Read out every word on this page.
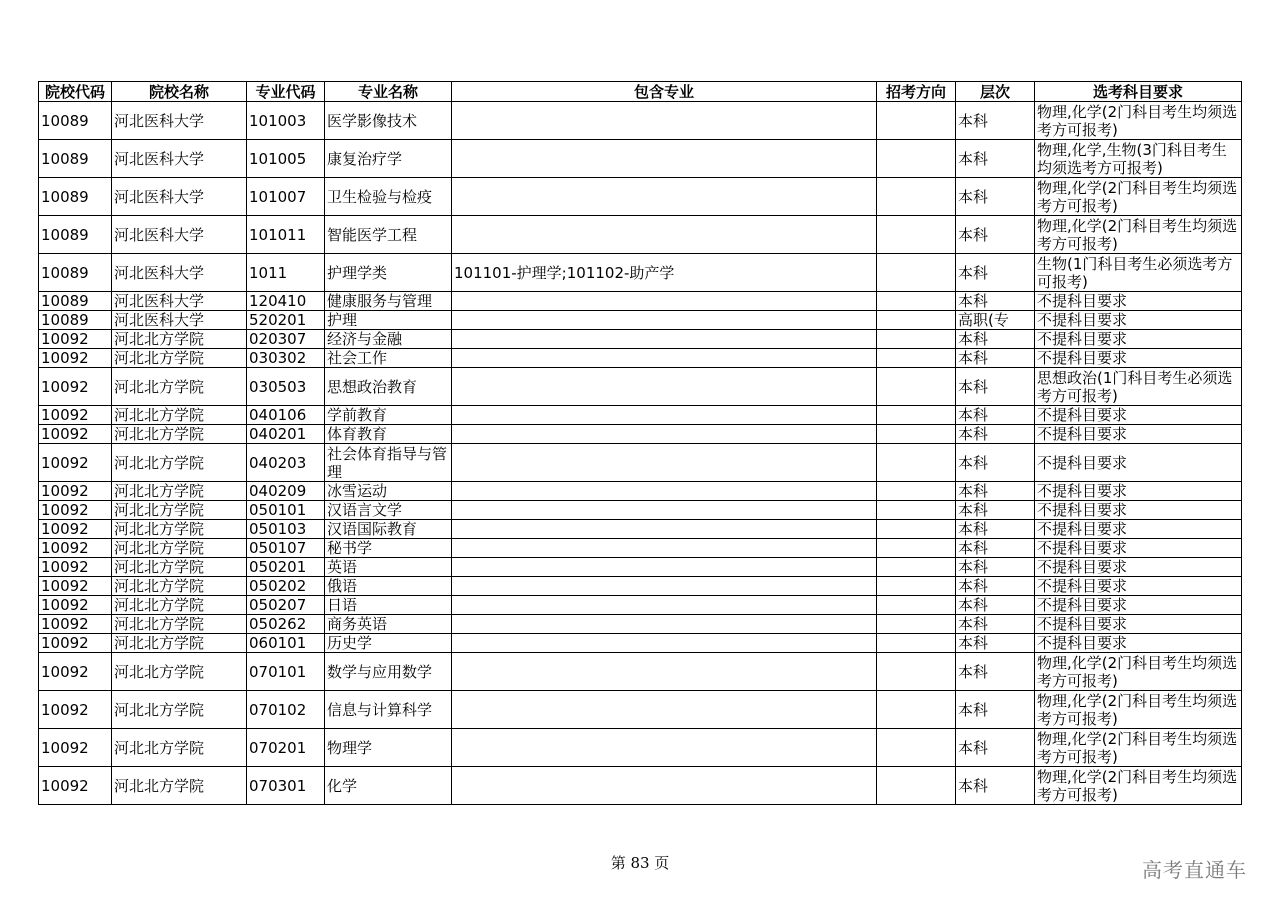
院校代码	院校名称	专业代码	专业名称	包含专业	招考方向	层次	选考科目要求
10089	河北医科大学	101003	医学影像技术			本科	物理,化学(2门科目考生均须选考方可报考)
10089	河北医科大学	101005	康复治疗学			本科	物理,化学,生物(3门科目考生均须选考方可报考)
10089	河北医科大学	101007	卫生检验与检疫			本科	物理,化学(2门科目考生均须选考方可报考)
10089	河北医科大学	101011	智能医学工程			本科	物理,化学(2门科目考生均须选考方可报考)
10089	河北医科大学	1011	护理学类	101101-护理学;101102-助产学		本科	生物(1门科目考生必须选考方可报考)
10089	河北医科大学	120410	健康服务与管理			本科	不提科目要求
10089	河北医科大学	520201	护理			高职(专	不提科目要求
10092	河北北方学院	020307	经济与金融			本科	不提科目要求
10092	河北北方学院	030302	社会工作			本科	不提科目要求
10092	河北北方学院	030503	思想政治教育			本科	思想政治(1门科目考生必须选考方可报考)
10092	河北北方学院	040106	学前教育			本科	不提科目要求
10092	河北北方学院	040201	体育教育			本科	不提科目要求
10092	河北北方学院	040203	社会体育指导与管理			本科	不提科目要求
10092	河北北方学院	040209	冰雪运动			本科	不提科目要求
10092	河北北方学院	050101	汉语言文学			本科	不提科目要求
10092	河北北方学院	050103	汉语国际教育			本科	不提科目要求
10092	河北北方学院	050107	秘书学			本科	不提科目要求
10092	河北北方学院	050201	英语			本科	不提科目要求
10092	河北北方学院	050202	俄语			本科	不提科目要求
10092	河北北方学院	050207	日语			本科	不提科目要求
10092	河北北方学院	050262	商务英语			本科	不提科目要求
10092	河北北方学院	060101	历史学			本科	不提科目要求
10092	河北北方学院	070101	数学与应用数学			本科	物理,化学(2门科目考生均须选考方可报考)
10092	河北北方学院	070102	信息与计算科学			本科	物理,化学(2门科目考生均须选考方可报考)
10092	河北北方学院	070201	物理学			本科	物理,化学(2门科目考生均须选考方可报考)
10092	河北北方学院	070301	化学			本科	物理,化学(2门科目考生均须选考方可报考)
第 83 页	高考直通车
